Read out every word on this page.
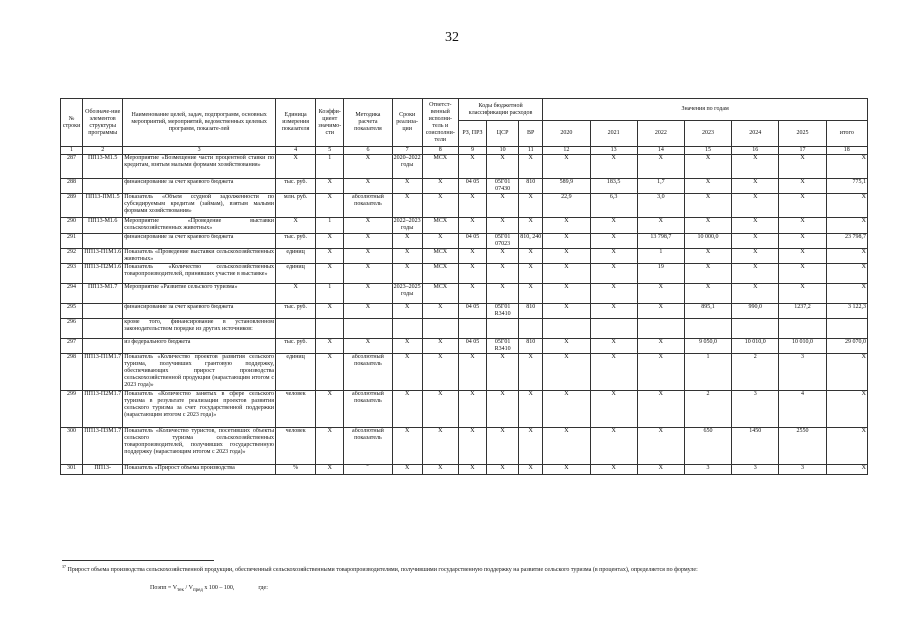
32
№ строки	Обозначе-ние элементов структуры программы	Наименование целей, задач, подпрограмм, основных мероприятий, мероприятий, ведомственных целевых программ, показате-лей	Единица измерения показателя	Коэффи-циент значимо-сти	Методика расчета показателя	Сроки реализа-ции	Ответст-венный исполни-тель и соисполни-тели	Коды бюджетной классификации расходов			Значения по годам						
								РЗ, ПРЗ	ЦСР	ВР	2020	2021	2022	2023	2024	2025	итого
1	2	3	4	5	6	7	8	9	10	11	12	13	14	15	16	17	18
287	ПП13-М1.5	Мероприятие «Возмещение части процентной ставки по кредитам, взятым малыми формами хозяйствования»	Х	1	Х	2020–2022 годы	МСХ	Х	Х	Х	Х	Х	Х	Х	Х	Х	Х
288		финансирование за счет краевого бюджета	тыс. руб.	Х	Х	Х	Х	04 05	05Г01 07430	810	589,9	183,5	1,7	Х	Х	Х	775,1
289	ПП13-ПМ1.5	Показатель «Объем ссудной задолженности по субсидируемым кредитам (займам), взятым малыми формами хозяйствования»	млн. руб.	Х	абсолютный показатель	Х	Х	Х	Х	Х	22,9	6,3	3,0	Х	Х	Х	Х
290	ПП13-М1.6	Мероприятие «Проведение выставки сельскохозяйственных животных»	Х	1	Х	2022–2023 годы	МСХ	Х	Х	Х	Х	Х	Х	Х	Х	Х	Х
291		финансирование за счет краевого бюджета	тыс. руб.	Х	Х	Х	Х	04 05	05Г01 07023	810, 240	Х	Х	13 798,7	10 000,0	Х	Х	23 798,7
292	ПП13-П1М1.6	Показатель «Проведение выставки сельскохозяйственных животных»	единиц	Х	Х	Х	МСХ	Х	Х	Х	Х	Х	1	Х	Х	Х	Х
293	ПП13-П2М1.6	Показатель «Количество сельскохозяйственных товаропроизводителей, принявших участие в выставке»	единиц	Х	Х	Х	МСХ	Х	Х	Х	Х	Х	19	Х	Х	Х	Х
294	ПП13-М1.7	Мероприятие «Развитие сельского туризма»	Х	1	Х	2023–2025 годы	МСХ	Х	Х	Х	Х	Х	Х	Х	Х	Х	Х
295		финансирование за счет краевого бюджета	тыс. руб.	Х	Х	Х	Х	04 05	05Г01 R3410	810	Х	Х	Х	895,1	990,0	1237,2	3 122,3
296		кроме того, финансирование в установленном законодательством порядке из других источников:															
297		из федерального бюджета	тыс. руб.	Х	Х	Х	Х	04 05	05Г01 R3410	810	Х	Х	Х	9 050,0	10 010,0	10 010,0	29 070,0
298	ПП13-П1М1.7	Показатель «Количество проектов развития сельского туризма, получивших грантовую поддержку, обеспечивающих прирост производства сельскохозяйственной продукции (нарастающим итогом с 2023 года)»	единиц	Х	абсолютный показатель	Х	Х	Х	Х	Х	Х	Х	Х	1	2	3	Х
299	ПП13-П2М1.7	Показатель «Количество занятых в сфере сельского туризма в результате реализации проектов развития сельского туризма за счет государственной поддержки (нарастающим итогом с 2023 года)»	человек	Х	абсолютный показатель	Х	Х	Х	Х	Х	Х	Х	Х	2	3	4	Х
300	ПП13-П3М1.7	Показатель «Количество туристов, посетивших объекты сельского туризма сельскохозяйственных товаропроизводителей, получивших государственную поддержку (нарастающим итогом с 2023 года)»	человек	Х	абсолютный показатель	Х	Х	Х	Х	Х	Х	Х	Х	650	1450	2550	Х
301	ПП13-	Показатель «Прирост объема производства	%	Х	$^{37}$	Х	Х	Х	Х	Х	Х	Х	Х	3	3	3	Х
$^{37}$ Прирост объема производства сельскохозяйственной продукции, обеспеченный сельскохозяйственными товаропроизводителями, получившими государственную поддержку на развитие сельского туризма (в процентах), определяется по формуле:
Поэпп = $V_{тек} / V_{пред}$ x 100 – 100,	где:
